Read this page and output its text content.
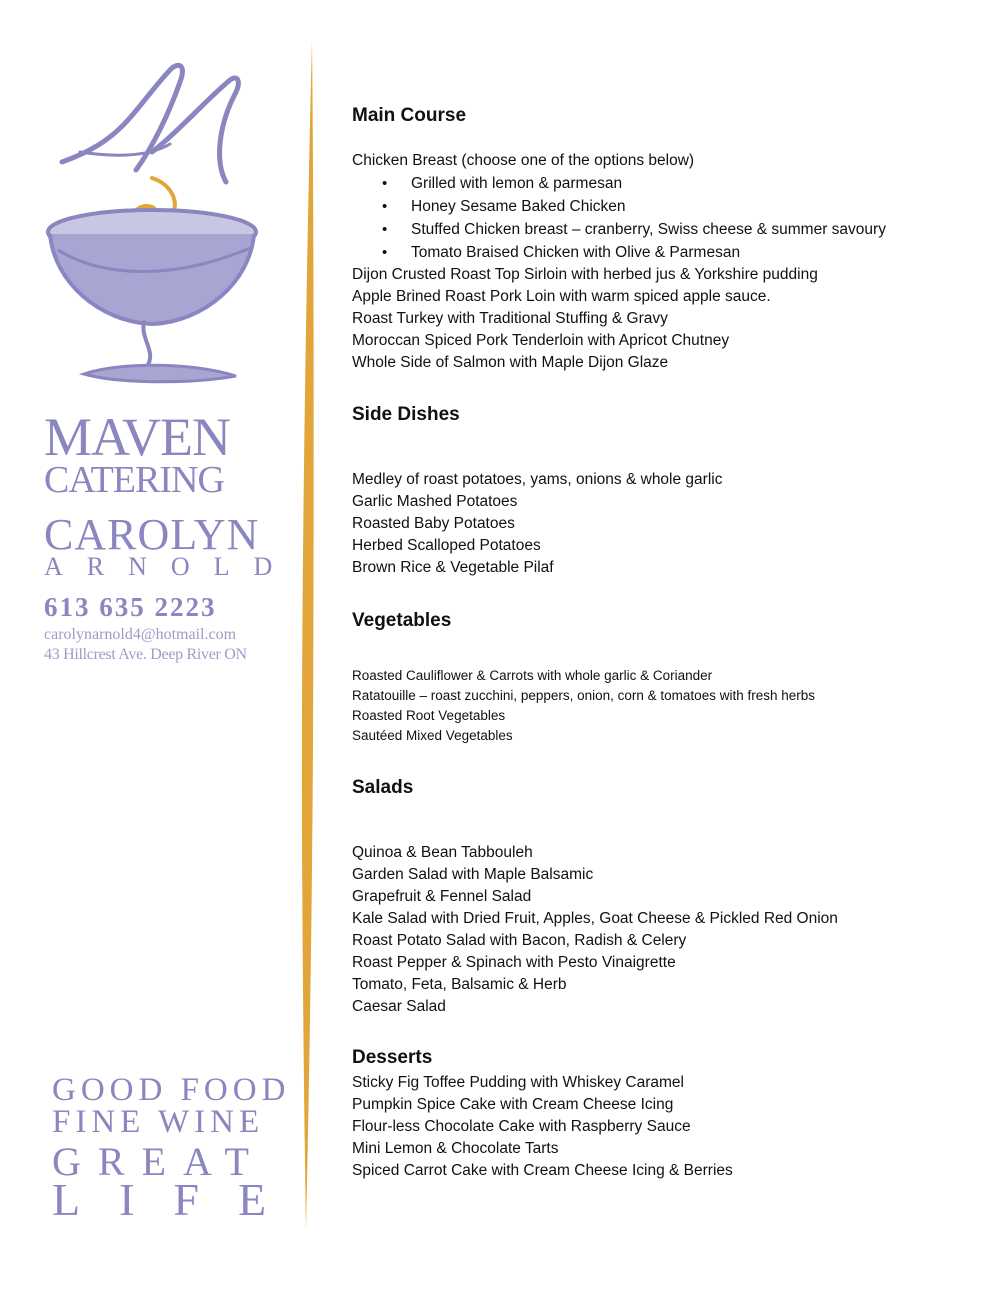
MAVEN

CATERING

CAROLYN

ARNOLD

613 635 2223

carolynarnold4@hotmail.com

43 Hillcrest Ave. Deep River ON

GOOD FOOD

FINE WINE

GREAT

LIFE

Main Course
Chicken Breast (choose one of the options below)
• Grilled with lemon & parmesan
• Honey Sesame Baked Chicken
• Stuffed Chicken breast – cranberry, Swiss cheese & summer savoury
• Tomato Braised Chicken with Olive & Parmesan
Dijon Crusted Roast Top Sirloin with herbed jus & Yorkshire pudding
Apple Brined Roast Pork Loin with warm spiced apple sauce.
Roast Turkey with Traditional Stuffing & Gravy
Moroccan Spiced Pork Tenderloin with Apricot Chutney
Whole Side of Salmon with Maple Dijon Glaze
Side Dishes
Medley of roast potatoes, yams, onions & whole garlic
Garlic Mashed Potatoes
Roasted Baby Potatoes
Herbed Scalloped Potatoes
Brown Rice & Vegetable Pilaf
Vegetables
Roasted Cauliflower & Carrots with whole garlic & Coriander
Ratatouille – roast zucchini, peppers, onion, corn & tomatoes with fresh herbs
Roasted Root Vegetables
Sautéed Mixed Vegetables
Salads
Quinoa & Bean Tabbouleh
Garden Salad with Maple Balsamic
Grapefruit & Fennel Salad
Kale Salad with Dried Fruit, Apples, Goat Cheese & Pickled Red Onion
Roast Potato Salad with Bacon, Radish & Celery
Roast Pepper & Spinach with Pesto Vinaigrette
Tomato, Feta, Balsamic & Herb
Caesar Salad
Desserts
Sticky Fig Toffee Pudding with Whiskey Caramel
Pumpkin Spice Cake with Cream Cheese Icing
Flour-less Chocolate Cake with Raspberry Sauce
Mini Lemon & Chocolate Tarts
Spiced Carrot Cake with Cream Cheese Icing & Berries
